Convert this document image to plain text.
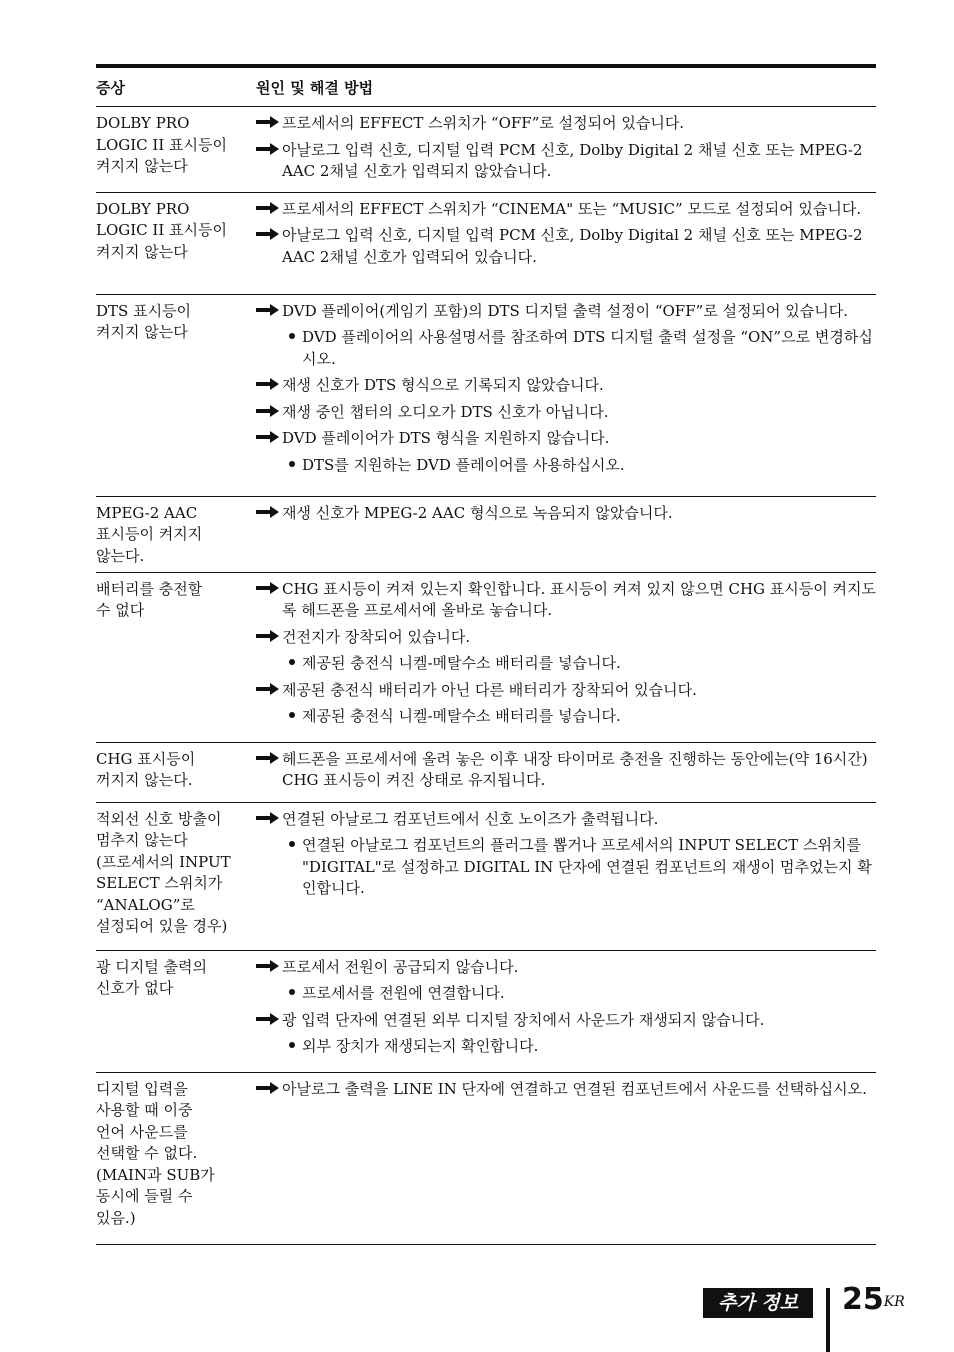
증상	원인 및 해결 방법
DOLBY PRO
LOGIC II 표시등이
켜지지 않는다
프로세서의 EFFECT 스위치가 “OFF”로 설정되어 있습니다.
아날로그 입력 신호, 디지털 입력 PCM 신호, Dolby Digital 2 채널 신호 또는 MPEG-2 AAC 2채널 신호가 입력되지 않았습니다.
DOLBY PRO
LOGIC II 표시등이
켜지지 않는다
프로세서의 EFFECT 스위치가 “CINEMA" 또는 “MUSIC” 모드로 설정되어 있습니다.
아날로그 입력 신호, 디지털 입력 PCM 신호, Dolby Digital 2 채널 신호 또는 MPEG-2 AAC 2채널 신호가 입력되어 있습니다.
DTS 표시등이
켜지지 않는다
DVD 플레이어(게임기 포함)의 DTS 디지털 출력 설정이 “OFF”로 설정되어 있습니다.
DVD 플레이어의 사용설명서를 참조하여 DTS 디지털 출력 설정을 “ON”으로 변경하십시오.
재생 신호가 DTS 형식으로 기록되지 않았습니다.
재생 중인 챕터의 오디오가 DTS 신호가 아닙니다.
DVD 플레이어가 DTS 형식을 지원하지 않습니다.
DTS를 지원하는 DVD 플레이어를 사용하십시오.
MPEG-2 AAC
표시등이 켜지지
않는다.
재생 신호가 MPEG-2 AAC 형식으로 녹음되지 않았습니다.
배터리를 충전할
수 없다
CHG 표시등이 켜져 있는지 확인합니다. 표시등이 켜져 있지 않으면 CHG 표시등이 켜지도록 헤드폰을 프로세서에 올바로 놓습니다.
건전지가 장착되어 있습니다.
제공된 충전식 니켈-메탈수소 배터리를 넣습니다.
제공된 충전식 배터리가 아닌 다른 배터리가 장착되어 있습니다.
제공된 충전식 니켈-메탈수소 배터리를 넣습니다.
CHG 표시등이
꺼지지 않는다.
헤드폰을 프로세서에 올려 놓은 이후 내장 타이머로 충전을 진행하는 동안에는(약 16시간) CHG 표시등이 켜진 상태로 유지됩니다.
적외선 신호 방출이
멈추지 않는다
(프로세서의 INPUT
SELECT 스위치가
“ANALOG”로
설정되어 있을 경우)
연결된 아날로그 컴포넌트에서 신호 노이즈가 출력됩니다.
연결된 아날로그 컴포넌트의 플러그를 뽑거나 프로세서의 INPUT SELECT 스위치를 "DIGITAL"로 설정하고 DIGITAL IN 단자에 연결된 컴포넌트의 재생이 멈추었는지 확인합니다.
광 디지털 출력의
신호가 없다
프로세서 전원이 공급되지 않습니다.
프로세서를 전원에 연결합니다.
광 입력 단자에 연결된 외부 디지털 장치에서 사운드가 재생되지 않습니다.
외부 장치가 재생되는지 확인합니다.
디지털 입력을
사용할 때 이중
언어 사운드를
선택할 수 없다.
(MAIN과 SUB가
동시에 들릴 수
있음.)
아날로그 출력을 LINE IN 단자에 연결하고 연결된 컴포넌트에서 사운드를 선택하십시오.
추가 정보	$25^{KR}$
